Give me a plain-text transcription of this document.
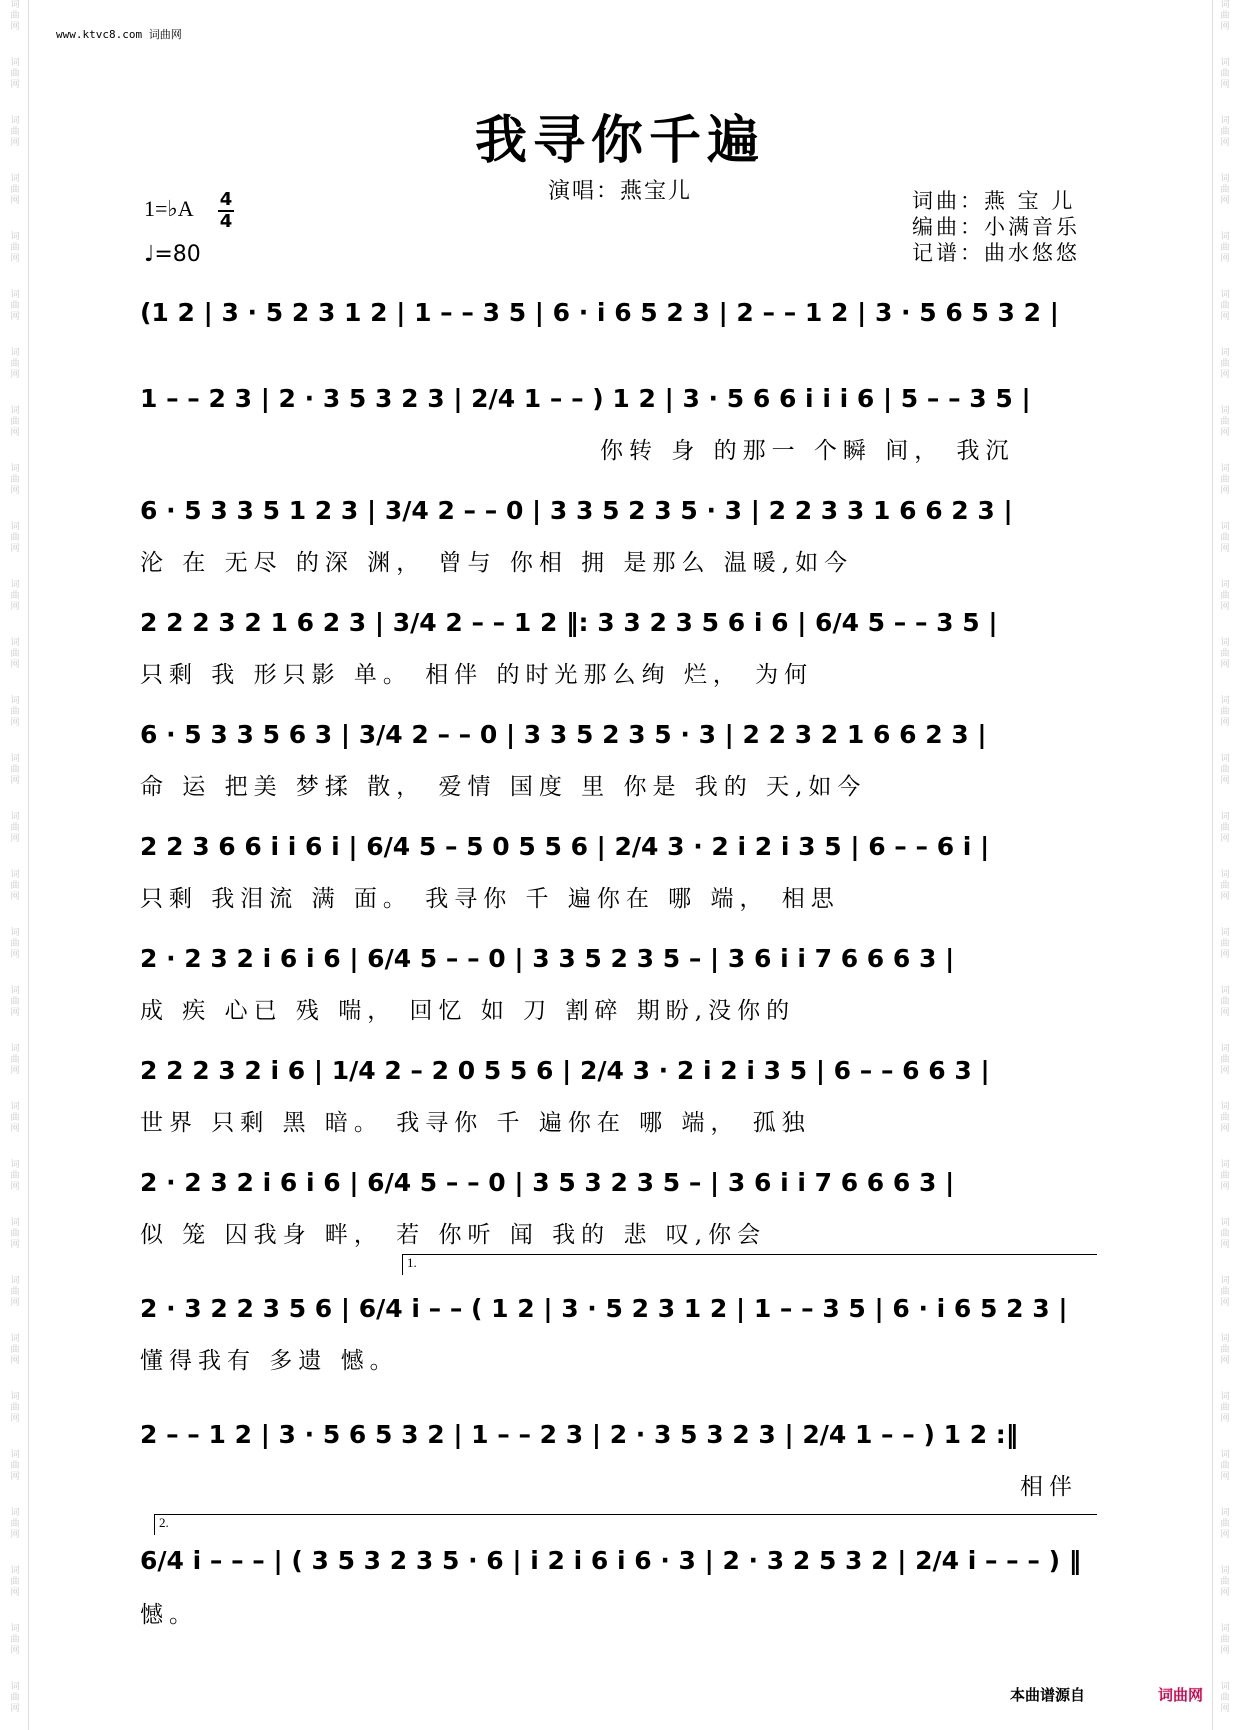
词
曲
网
词
曲
网
词
曲
网
词
曲
网
词
曲
网
词
曲
网
词
曲
网
词
曲
网
词
曲
网
词
曲
网
词
曲
网
词
曲
网
词
曲
网
词
曲
网
词
曲
网
词
曲
网
词
曲
网
词
曲
网
词
曲
网
词
曲
网
词
曲
网
词
曲
网
词
曲
网
词
曲
网
词
曲
网
词
曲
网
词
曲
网
词
曲
网
词
曲
网
词
曲
网
词
曲
网
词
曲
网
词
曲
网
词
曲
网
词
曲
网
词
曲
网
词
曲
网
词
曲
网
词
曲
网
词
曲
网
词
曲
网
词
曲
网
词
曲
网
词
曲
网
词
曲
网
词
曲
网
词
曲
网
词
曲
网
词
曲
网
词
曲
网
词
曲
网
词
曲
网
词
曲
网
词
曲
网
词
曲
网
词
曲
网
词
曲
网
词
曲
网
词
曲
网
词
曲
网
www.ktvc8.com 词曲网
我寻你千遍
演唱：燕宝儿
1=♭A 4
4
♩=80
词曲：燕 宝 儿
编曲：小满音乐
记谱：曲水悠悠
(1 2 | 3 · 5 2 3 1 2 | 1 – – 3 5 | 6 · i 6 5 2 3 | 2 – – 1 2 | 3 · 5 6 5 3 2 |
1 – – 2 3 | 2 · 3 5 3 2 3 | 2/4 1 – – ) 1 2 | 3 · 5 6 6 i i i 6 | 5 – – 3 5 |
你转 身 的那一 个瞬 间， 我沉
6 · 5 3 3 5 1 2 3 | 3/4 2 – – 0 | 3 3 5 2 3 5 · 3 | 2 2 3 3 1 6 6 2 3 |
沦 在 无尽 的深 渊， 曾与 你相 拥 是那么 温暖,如今
2 2 2 3 2 1 6 2 3 | 3/4 2 – – 1 2 ‖: 3 3 2 3 5 6 i 6 | 6/4 5 – – 3 5 |
只剩 我 形只影 单。 相伴 的时光那么绚 烂， 为何
6 · 5 3 3 5 6 3 | 3/4 2 – – 0 | 3 3 5 2 3 5 · 3 | 2 2 3 2 1 6 6 2 3 |
命 运 把美 梦揉 散， 爱情 国度 里 你是 我的 天,如今
2 2 3 6 6 i i 6 i | 6/4 5 – 5 0 5 5 6 | 2/4 3 · 2 i 2 i 3 5 | 6 – – 6 i |
只剩 我泪流 满 面。 我寻你 千 遍你在 哪 端， 相思
2 · 2 3 2 i 6 i 6 | 6/4 5 – – 0 | 3 3 5 2 3 5 – | 3 6 i i 7 6 6 6 3 |
成 疾 心已 残 喘， 回忆 如 刀 割碎 期盼,没你的
2 2 2 3 2 i 6 | 1/4 2 – 2 0 5 5 6 | 2/4 3 · 2 i 2 i 3 5 | 6 – – 6 6 3 |
世界 只剩 黑 暗。 我寻你 千 遍你在 哪 端， 孤独
2 · 2 3 2 i 6 i 6 | 6/4 5 – – 0 | 3 5 3 2 3 5 – | 3 6 i i 7 6 6 6 3 |
似 笼 囚我身 畔， 若 你听 闻 我的 悲 叹,你会
1.
2 · 3 2 2 3 5 6 | 6/4 i – – ( 1 2 | 3 · 5 2 3 1 2 | 1 – – 3 5 | 6 · i 6 5 2 3 |
懂得我有 多遗 憾。
2 – – 1 2 | 3 · 5 6 5 3 2 | 1 – – 2 3 | 2 · 3 5 3 2 3 | 2/4 1 – – ) 1 2 :‖
相伴
2.
6/4 i – – – | ( 3 5 3 2 3 5 · 6 | i 2 i 6 i 6 · 3 | 2 · 3 2 5 3 2 | 2/4 i – – – ) ‖
憾。
本曲谱源自	词曲网
